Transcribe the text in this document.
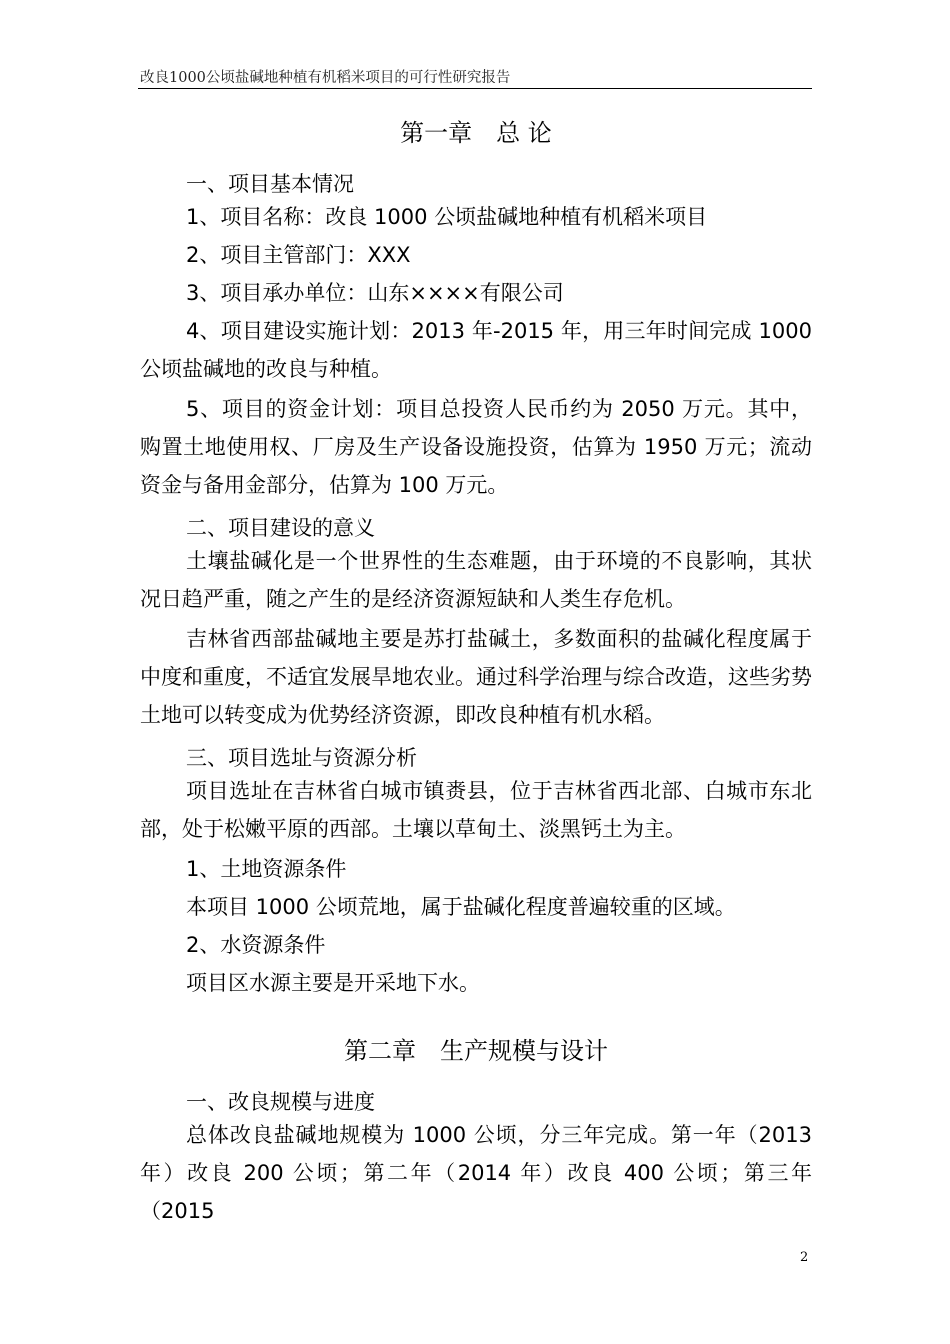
改良1000公顷盐碱地种植有机稻米项目的可行性研究报告
第一章　总 论
一、项目基本情况

1、项目名称：改良 1000 公顷盐碱地种植有机稻米项目

2、项目主管部门：XXX

3、项目承办单位：山东××××有限公司

4、项目建设实施计划：2013 年-2015 年，用三年时间完成 1000 公顷盐碱地的改良与种植。

5、项目的资金计划：项目总投资人民币约为 2050 万元。其中，购置土地使用权、厂房及生产设备设施投资，估算为 1950 万元；流动资金与备用金部分，估算为 100 万元。

二、项目建设的意义

土壤盐碱化是一个世界性的生态难题，由于环境的不良影响，其状况日趋严重，随之产生的是经济资源短缺和人类生存危机。

吉林省西部盐碱地主要是苏打盐碱土，多数面积的盐碱化程度属于中度和重度，不适宜发展旱地农业。通过科学治理与综合改造，这些劣势土地可以转变成为优势经济资源，即改良种植有机水稻。

三、项目选址与资源分析

项目选址在吉林省白城市镇赉县，位于吉林省西北部、白城市东北部，处于松嫩平原的西部。土壤以草甸土、淡黑钙土为主。

1、土地资源条件

本项目 1000 公顷荒地，属于盐碱化程度普遍较重的区域。

2、水资源条件

项目区水源主要是开采地下水。

第二章　生产规模与设计
一、改良规模与进度

总体改良盐碱地规模为 1000 公顷，分三年完成。第一年（2013 年）改良 200 公顷；第二年（2014 年）改良 400 公顷；第三年（2015

2
